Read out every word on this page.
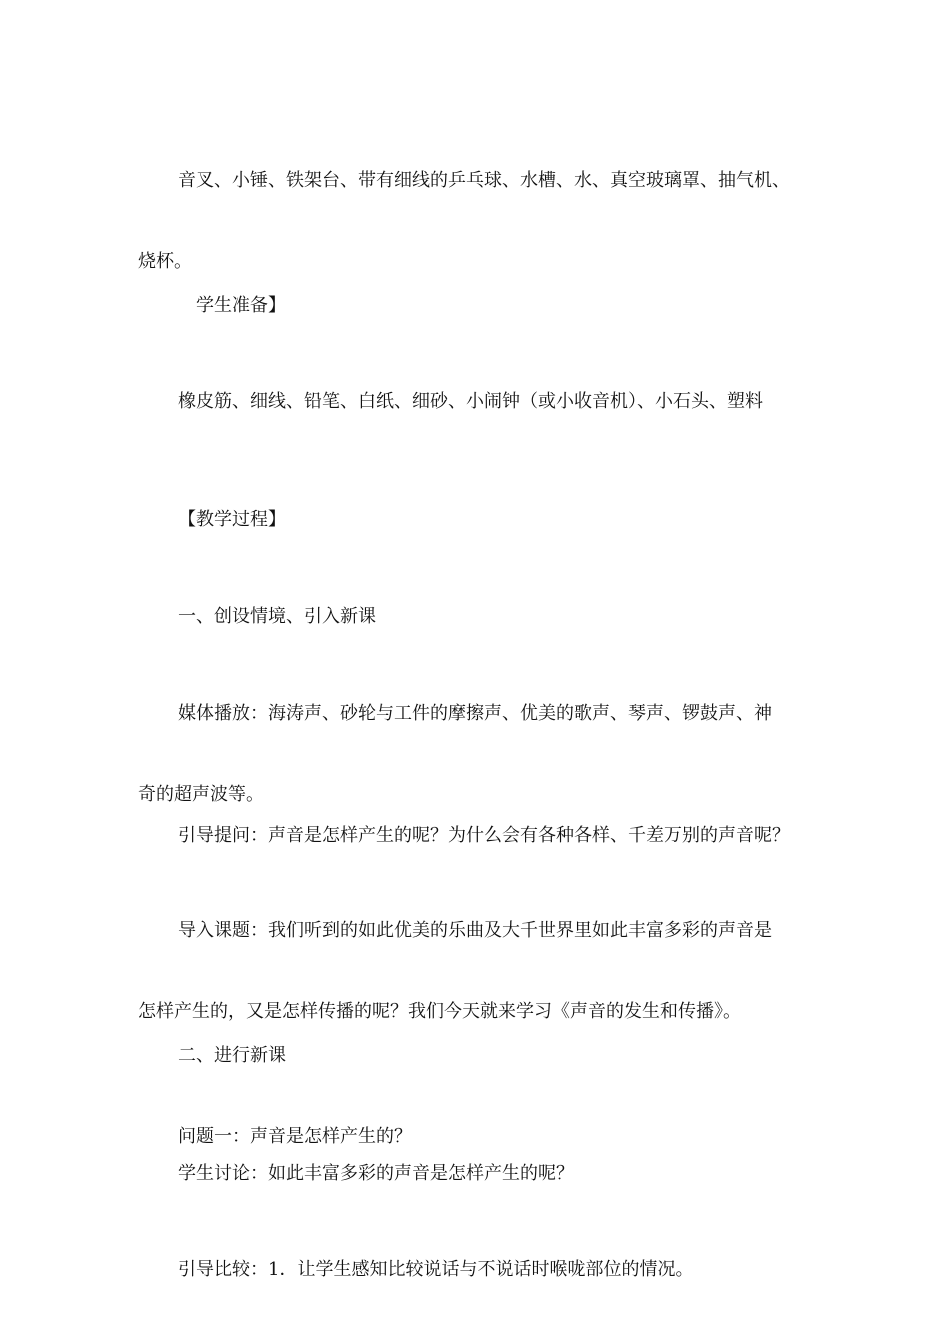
音叉、小锤、铁架台、带有细线的乒乓球、水槽、水、真空玻璃罩、抽气机、

烧杯。

学生准备】

橡皮筋、细线、铅笔、白纸、细砂、小闹钟（或小收音机）、小石头、塑料

【教学过程】

一、创设情境、引入新课

媒体播放：海涛声、砂轮与工件的摩擦声、优美的歌声、琴声、锣鼓声、神

奇的超声波等。

引导提问：声音是怎样产生的呢？为什么会有各种各样、千差万别的声音呢？

导入课题：我们听到的如此优美的乐曲及大千世界里如此丰富多彩的声音是

怎样产生的，又是怎样传播的呢？我们今天就来学习《声音的发生和传播》。

二、进行新课

问题一：声音是怎样产生的？

学生讨论：如此丰富多彩的声音是怎样产生的呢？

引导比较：1．让学生感知比较说话与不说话时喉咙部位的情况。
